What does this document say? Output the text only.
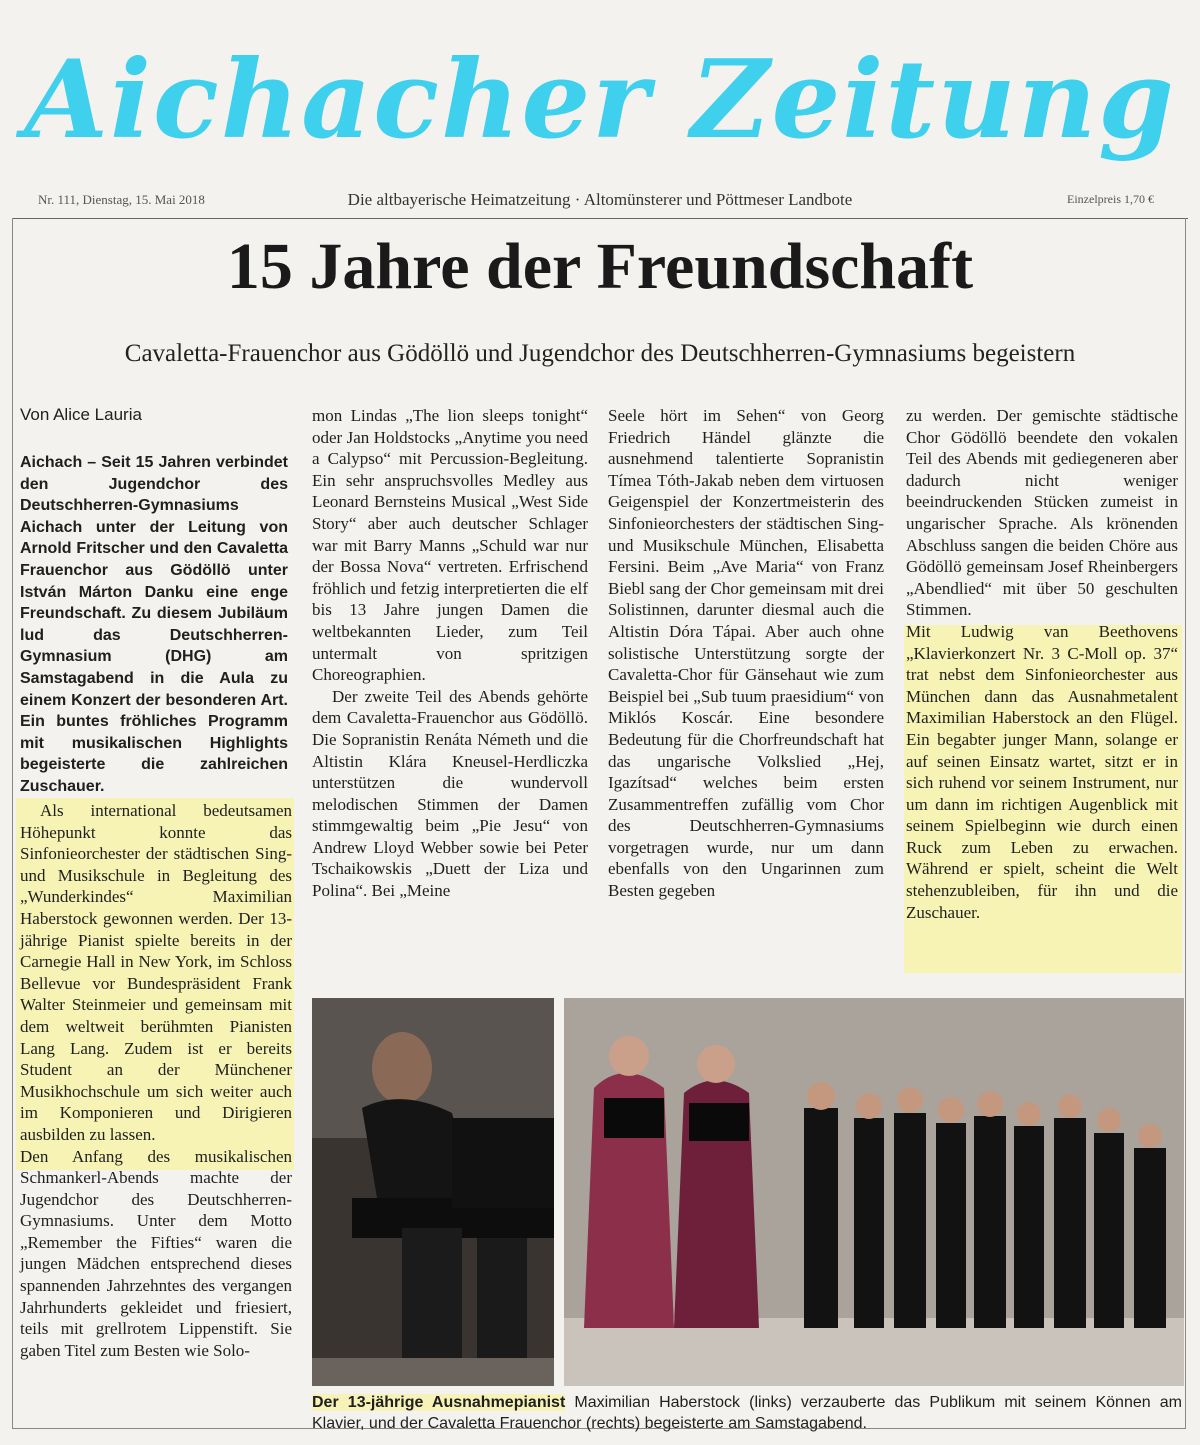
Aichacher Zeitung
Nr. 111, Dienstag, 15. Mai 2018	Die altbayerische Heimatzeitung · Altomünsterer und Pöttmeser Landbote	Einzelpreis 1,70 €
15 Jahre der Freundschaft
Cavaletta-Frauenchor aus Gödöllö und Jugendchor des Deutschherren-Gymnasiums begeistern
Von Alice Lauria
Aichach – Seit 15 Jahren verbindet den Jugendchor des Deutschherren-Gymnasiums Aichach unter der Leitung von Arnold Fritscher und den Cavaletta Frauenchor aus Gödöllö unter István Márton Danku eine enge Freundschaft. Zu diesem Jubiläum lud das Deutschherren-Gymnasium (DHG) am Samstagabend in die Aula zu einem Konzert der besonderen Art. Ein buntes fröhliches Programm mit musikalischen Highlights begeisterte die zahlreichen Zuschauer.

Als international bedeutsamen Höhepunkt konnte das Sinfonieorchester der städtischen Sing- und Musikschule in Begleitung des „Wunderkindes“ Maximilian Haberstock gewonnen werden. Der 13-jährige Pianist spielte bereits in der Carnegie Hall in New York, im Schloss Bellevue vor Bundespräsident Frank Walter Steinmeier und gemeinsam mit dem weltweit berühmten Pianisten Lang Lang. Zudem ist er bereits Student an der Münchener Musikhochschule um sich weiter auch im Komponieren und Dirigieren ausbilden zu lassen.

Den Anfang des musikalischen Schmankerl-Abends machte der Jugendchor des Deutschherren-Gymnasiums. Unter dem Motto „Remember the Fifties“ waren die jungen Mädchen entsprechend dieses spannenden Jahrzehntes des vergangen Jahrhunderts gekleidet und friesiert, teils mit grellrotem Lippenstift. Sie gaben Titel zum Besten wie Solo-

mon Lindas „The lion sleeps tonight“ oder Jan Holdstocks „Anytime you need a Calypso“ mit Percussion-Begleitung. Ein sehr anspruchsvolles Medley aus Leonard Bernsteins Musical „West Side Story“ aber auch deutscher Schlager war mit Barry Manns „Schuld war nur der Bossa Nova“ vertreten. Erfrischend fröhlich und fetzig interpretierten die elf bis 13 Jahre jungen Damen die weltbekannten Lieder, zum Teil untermalt von spritzigen Choreographien.

Der zweite Teil des Abends gehörte dem Cavaletta-Frauenchor aus Gödöllö. Die Sopranistin Renáta Németh und die Altistin Klára Kneusel-Herdliczka unterstützen die wundervoll melodischen Stimmen der Damen stimmgewaltig beim „Pie Jesu“ von Andrew Lloyd Webber sowie bei Peter Tschaikowskis „Duett der Liza und Polina“. Bei „Meine

Seele hört im Sehen“ von Georg Friedrich Händel glänzte die ausnehmend talentierte Sopranistin Tímea Tóth-Jakab neben dem virtuosen Geigenspiel der Konzertmeisterin des Sinfonieorchesters der städtischen Sing- und Musikschule München, Elisabetta Fersini. Beim „Ave Maria“ von Franz Biebl sang der Chor gemeinsam mit drei Solistinnen, darunter diesmal auch die Altistin Dóra Tápai. Aber auch ohne solistische Unterstützung sorgte der Cavaletta-Chor für Gänsehaut wie zum Beispiel bei „Sub tuum praesidium“ von Miklós Koscár. Eine besondere Bedeutung für die Chorfreundschaft hat das ungarische Volkslied „Hej, Igazítsad“ welches beim ersten Zusammentreffen zufällig vom Chor des Deutschherren-Gymnasiums vorgetragen wurde, nur um dann ebenfalls von den Ungarinnen zum Besten gegeben

zu werden. Der gemischte städtische Chor Gödöllö beendete den vokalen Teil des Abends mit gediegeneren aber dadurch nicht weniger beeindruckenden Stücken zumeist in ungarischer Sprache. Als krönenden Abschluss sangen die beiden Chöre aus Gödöllö gemeinsam Josef Rheinbergers „Abendlied“ mit über 50 geschulten Stimmen.

Mit Ludwig van Beethovens „Klavierkonzert Nr. 3 C-Moll op. 37“ trat nebst dem Sinfonieorchester aus München dann das Ausnahmetalent Maximilian Haberstock an den Flügel. Ein begabter junger Mann, solange er auf seinen Einsatz wartet, sitzt er in sich ruhend vor seinem Instrument, nur um dann im richtigen Augenblick mit seinem Spielbeginn wie durch einen Ruck zum Leben zu erwachen. Während er spielt, scheint die Welt stehenzubleiben, für ihn und die Zuschauer.

Der 13-jährige Ausnahmepianist Maximilian Haberstock (links) verzauberte das Publikum mit seinem Können am Klavier, und der Cavaletta Frauenchor (rechts) begeisterte am Samstagabend.
